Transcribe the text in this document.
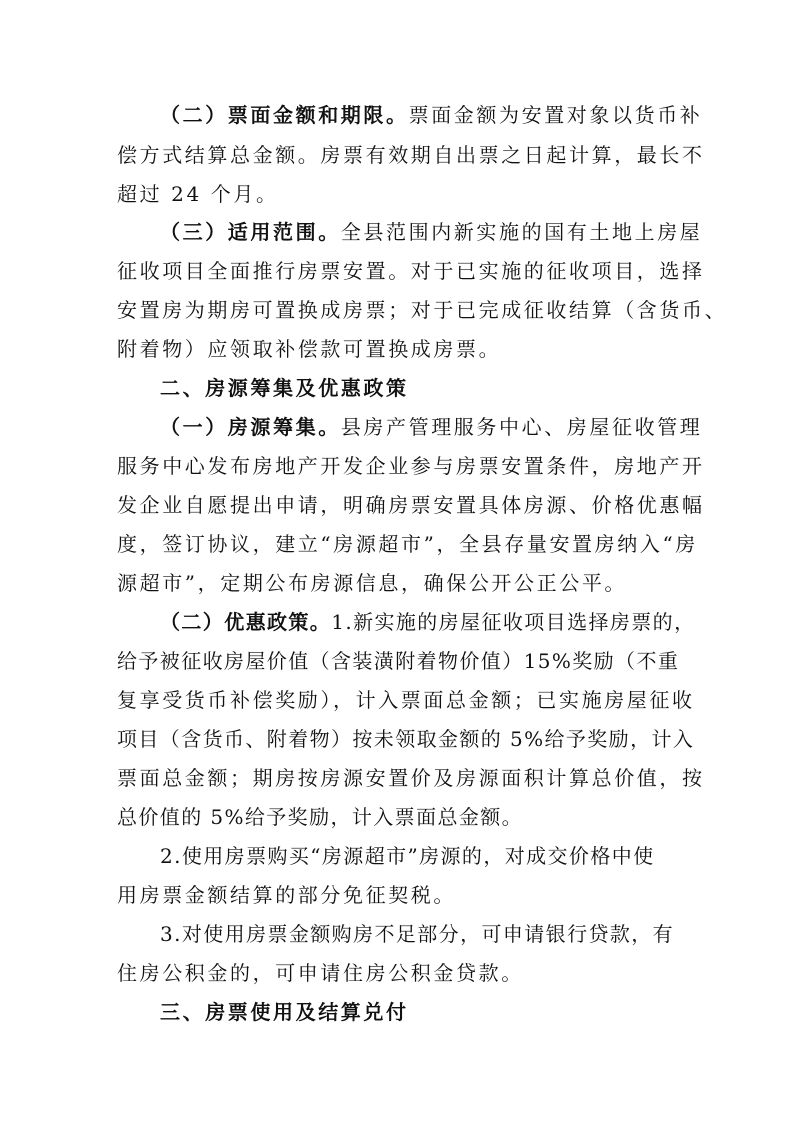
（二）票面金额和期限。票面金额为安置对象以货币补
偿方式结算总金额。房票有效期自出票之日起计算，最长不
超过 24 个月。
（三）适用范围。全县范围内新实施的国有土地上房屋
征收项目全面推行房票安置。对于已实施的征收项目，选择
安置房为期房可置换成房票；对于已完成征收结算（含货币、
附着物）应领取补偿款可置换成房票。
二、房源筹集及优惠政策
（一）房源筹集。县房产管理服务中心、房屋征收管理
服务中心发布房地产开发企业参与房票安置条件，房地产开
发企业自愿提出申请，明确房票安置具体房源、价格优惠幅
度，签订协议，建立“房源超市”，全县存量安置房纳入“房
源超市”，定期公布房源信息，确保公开公正公平。
（二）优惠政策。1.新实施的房屋征收项目选择房票的，
给予被征收房屋价值（含装潢附着物价值）15%奖励（不重
复享受货币补偿奖励），计入票面总金额；已实施房屋征收
项目（含货币、附着物）按未领取金额的 5%给予奖励，计入
票面总金额；期房按房源安置价及房源面积计算总价值，按
总价值的 5%给予奖励，计入票面总金额。
2.使用房票购买“房源超市”房源的，对成交价格中使
用房票金额结算的部分免征契税。
3.对使用房票金额购房不足部分，可申请银行贷款，有
住房公积金的，可申请住房公积金贷款。
三、房票使用及结算兑付
